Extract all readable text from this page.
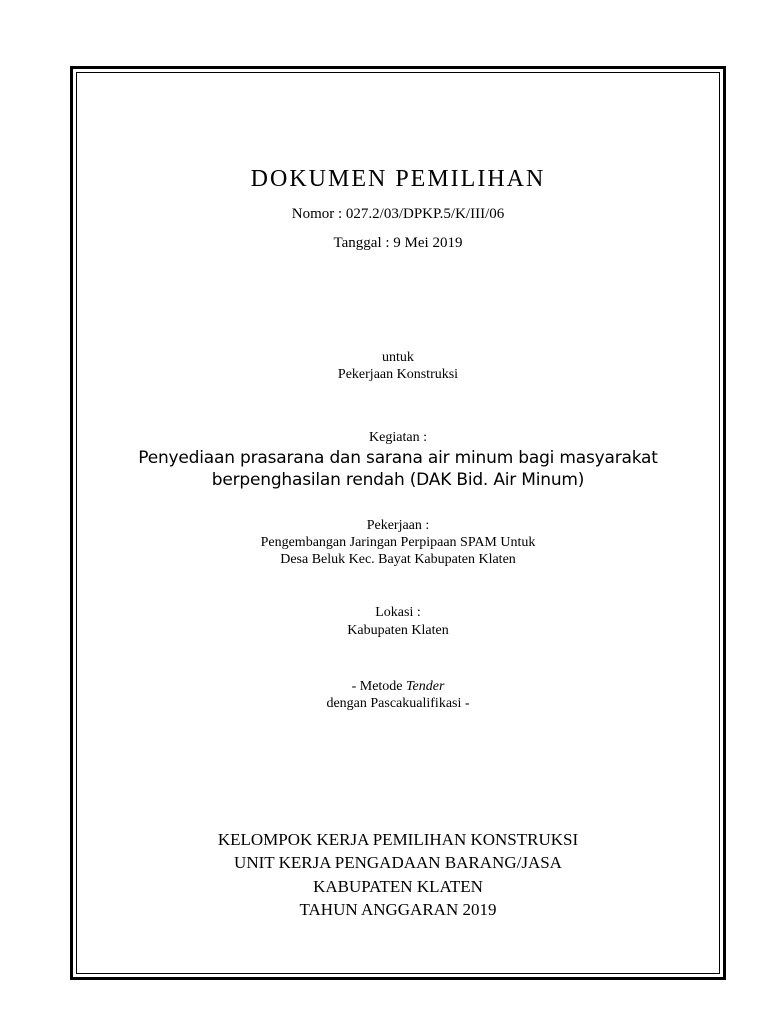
DOKUMEN PEMILIHAN
Nomor : 027.2/03/DPKP.5/K/III/06
Tanggal : 9 Mei 2019
untuk
Pekerjaan Konstruksi
Kegiatan :
Penyediaan prasarana dan sarana air minum bagi masyarakat
berpenghasilan rendah (DAK Bid. Air Minum)
Pekerjaan :
Pengembangan Jaringan Perpipaan SPAM Untuk
Desa Beluk Kec. Bayat Kabupaten Klaten
Lokasi :
Kabupaten Klaten
- Metode Tender
dengan Pascakualifikasi -
KELOMPOK KERJA PEMILIHAN KONSTRUKSI
UNIT KERJA PENGADAAN BARANG/JASA
KABUPATEN KLATEN
TAHUN ANGGARAN 2019
